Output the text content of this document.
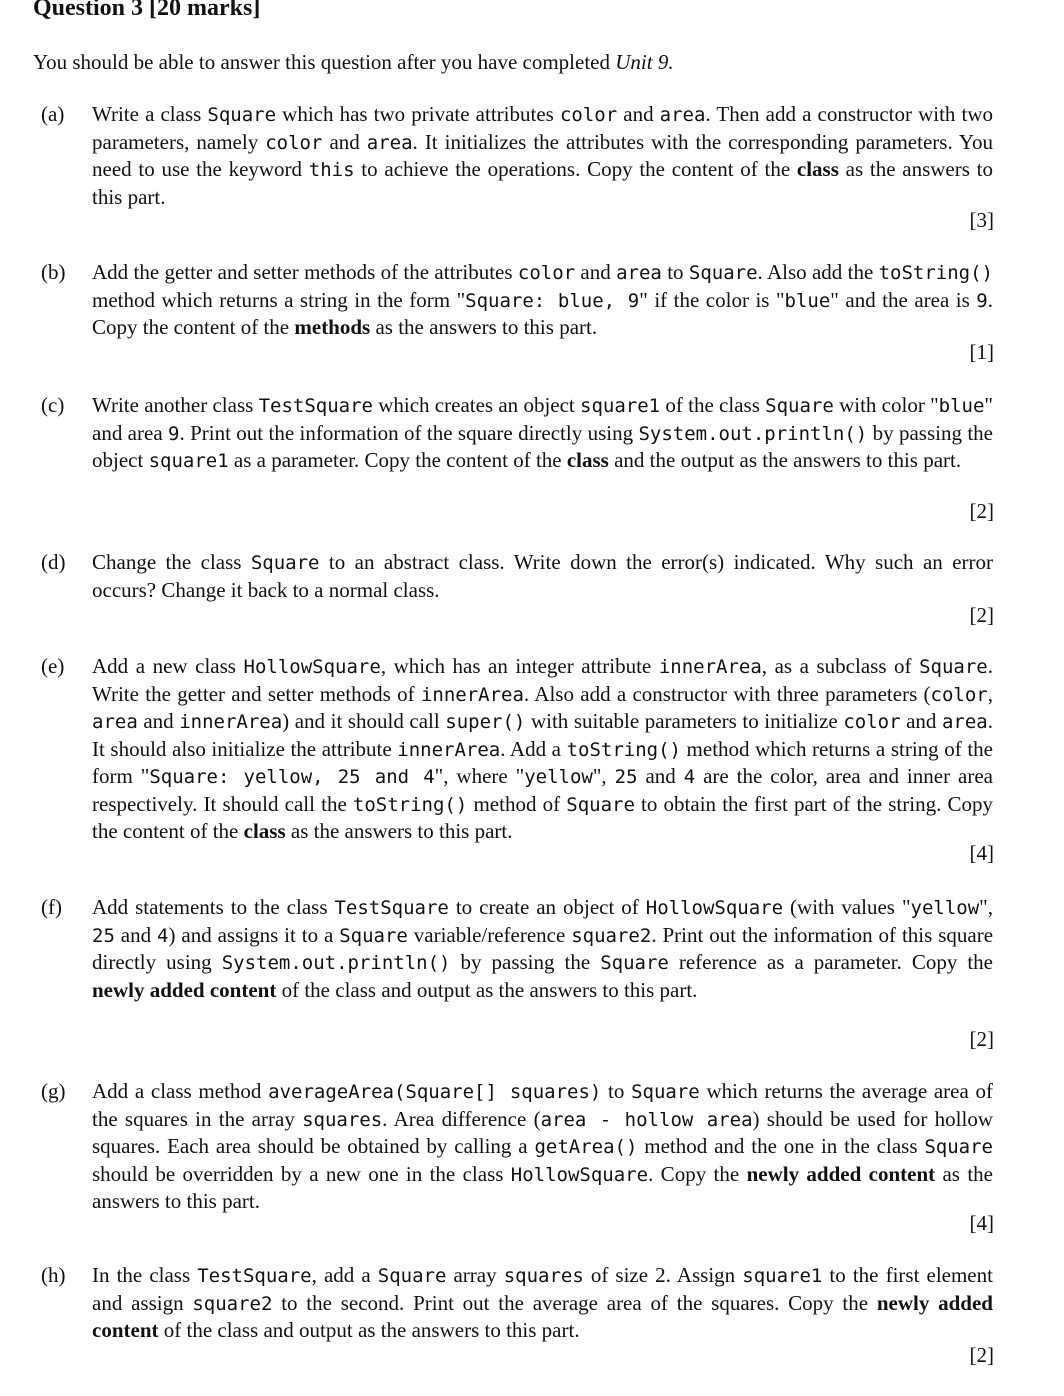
Question 3 [20 marks]

You should be able to answer this question after you have completed Unit 9.

(a) Write a class Square which has two private attributes color and area. Then add a constructor with two parameters, namely color and area. It initializes the attributes with the corresponding parameters. You need to use the keyword this to achieve the operations. Copy the content of the class as the answers to this part.

[3]
(b) Add the getter and setter methods of the attributes color and area to Square. Also add the toString() method which returns a string in the form "Square: blue, 9" if the color is "blue" and the area is 9. Copy the content of the methods as the answers to this part.

[1]
(c) Write another class TestSquare which creates an object square1 of the class Square with color "blue" and area 9. Print out the information of the square directly using System.out.println() by passing the object square1 as a parameter. Copy the content of the class and the output as the answers to this part.

[2]
(d) Change the class Square to an abstract class. Write down the error(s) indicated. Why such an error occurs? Change it back to a normal class.

[2]
(e) Add a new class HollowSquare, which has an integer attribute innerArea, as a subclass of Square. Write the getter and setter methods of innerArea. Also add a constructor with three parameters (color, area and innerArea) and it should call super() with suitable parameters to initialize color and area. It should also initialize the attribute innerArea. Add a toString() method which returns a string of the form "Square: yellow, 25 and 4", where "yellow", 25 and 4 are the color, area and inner area respectively. It should call the toString() method of Square to obtain the first part of the string. Copy the content of the class as the answers to this part.

[4]
(f) Add statements to the class TestSquare to create an object of HollowSquare (with values "yellow", 25 and 4) and assigns it to a Square variable/reference square2. Print out the information of this square directly using System.out.println() by passing the Square reference as a parameter. Copy the newly added content of the class and output as the answers to this part.

[2]
(g) Add a class method averageArea(Square[] squares) to Square which returns the average area of the squares in the array squares. Area difference (area - hollow area) should be used for hollow squares. Each area should be obtained by calling a getArea() method and the one in the class Square should be overridden by a new one in the class HollowSquare. Copy the newly added content as the answers to this part.

[4]
(h) In the class TestSquare, add a Square array squares of size 2. Assign square1 to the first element and assign square2 to the second. Print out the average area of the squares. Copy the newly added content of the class and output as the answers to this part.

[2]
